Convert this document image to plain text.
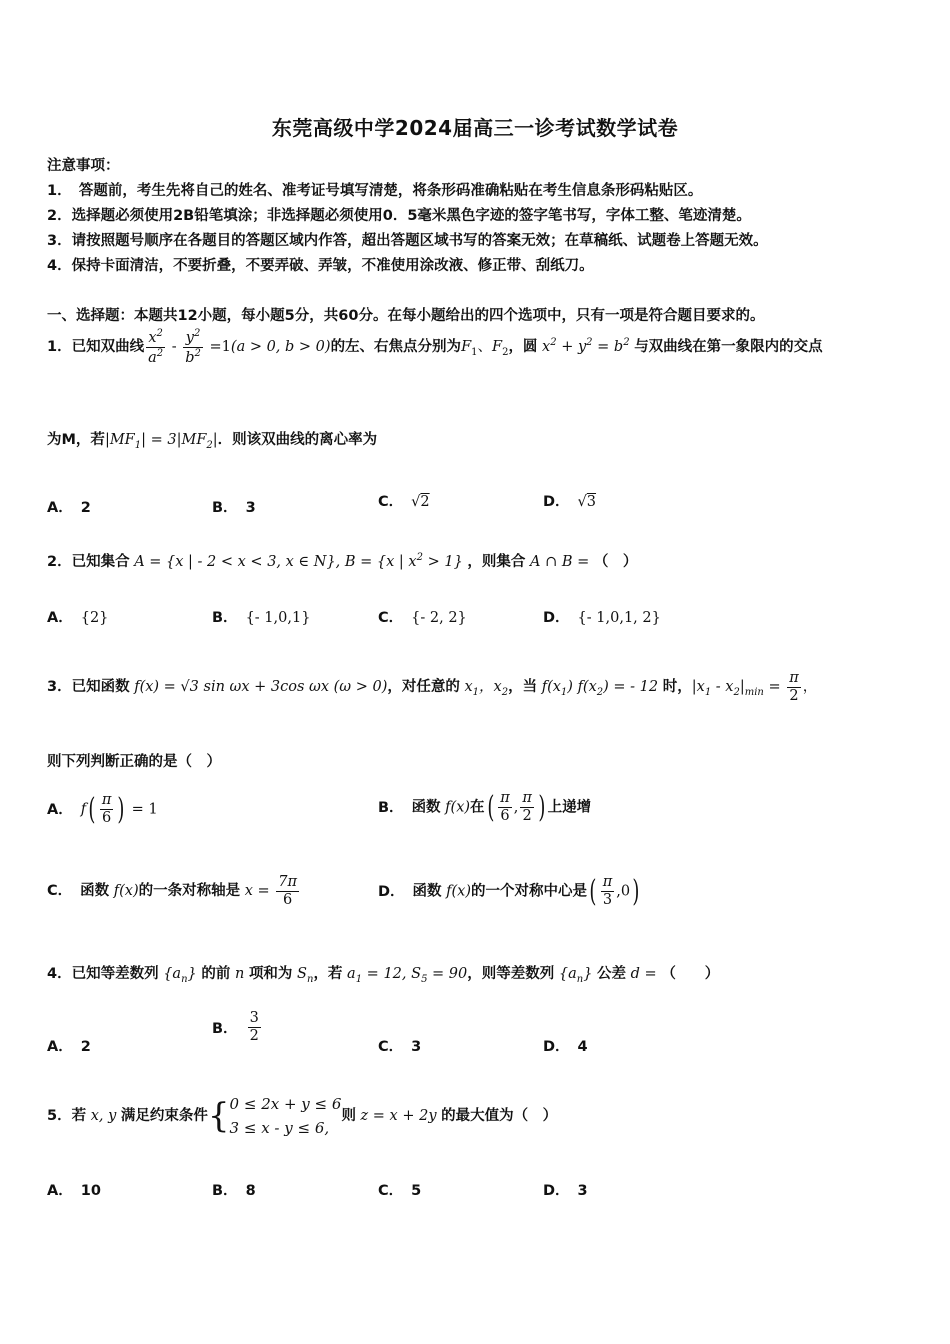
东莞高级中学2024届高三一诊考试数学试卷
注意事项：
1．　答题前，考生先将自己的姓名、准考证号填写清楚，将条形码准确粘贴在考生信息条形码粘贴区。
2．选择题必须使用2B铅笔填涂；非选择题必须使用0．5毫米黑色字迹的签字笔书写，字体工整、笔迹清楚。
3．请按照题号顺序在各题目的答题区域内作答，超出答题区域书写的答案无效；在草稿纸、试题卷上答题无效。
4．保持卡面清洁，不要折叠，不要弄破、弄皱，不准使用涂改液、修正带、刮纸刀。
一、选择题：本题共12小题，每小题5分，共60分。在每小题给出的四个选项中，只有一项是符合题目要求的。
1．已知双曲线 $\frac{x^2}{a^2} - \frac{y^2}{b^2} =1(a > 0$, b > 0)的左、右焦点分别为$F_1$、$F_2$，圆 $x^2 + y^2 = b^2$ 与双曲线在第一象限内的交点
为M，若$|MF_1| = 3|MF_2|$．则该双曲线的离心率为
A． 2	B． 3	C． √2	D． √3
2．已知集合 A = {x | - 2 < x < 3, x ∈ N}, B = {x | $x^2 > 1$} ，则集合 A ∩ B = （　）
A． {2}	B． {- 1,0,1}	C． {- 2, 2}	D． {- 1,0,1, 2}
3．已知函数 f(x) = √3 sin ωx + 3cos ωx (ω > 0)，对任意的 $x_1$，$x_2$，当 $f(x_1) f(x_2)$ = - 12 时，$|x_1 - x_2|_{min} = \frac{\pi}{2}$ ，
则下列判断正确的是（　）
A． $f( \frac{\pi}{6}$ ) = 1	B． 函数 f(x)在( $\frac{\pi}{6}$ , $\frac{\pi}{2}$ ) 上递增
C． 函数 f(x)的一条对称轴是 $x = \frac{7\pi}{6}$	D． 函数 f(x)的一个对称中心是( $\frac{\pi}{3} ,0$)
4．已知等差数列 $\{a_n\}$ 的前 n 项和为 $S_n$，若 $a_1 = 12$, $S_5 = 90$，则等差数列 $\{a_n\}$ 公差 d = （　　）
A． 2
B． $\frac{3}{2}$
C． 3	D． 4
5．若 x, y 满足约束条件{ 0 ≤ 2x + y ≤ 6
3 ≤ x - y ≤ 6,
则 z = x + 2y 的最大值为（　）
A． 10	B． 8	C． 5	D． 3
